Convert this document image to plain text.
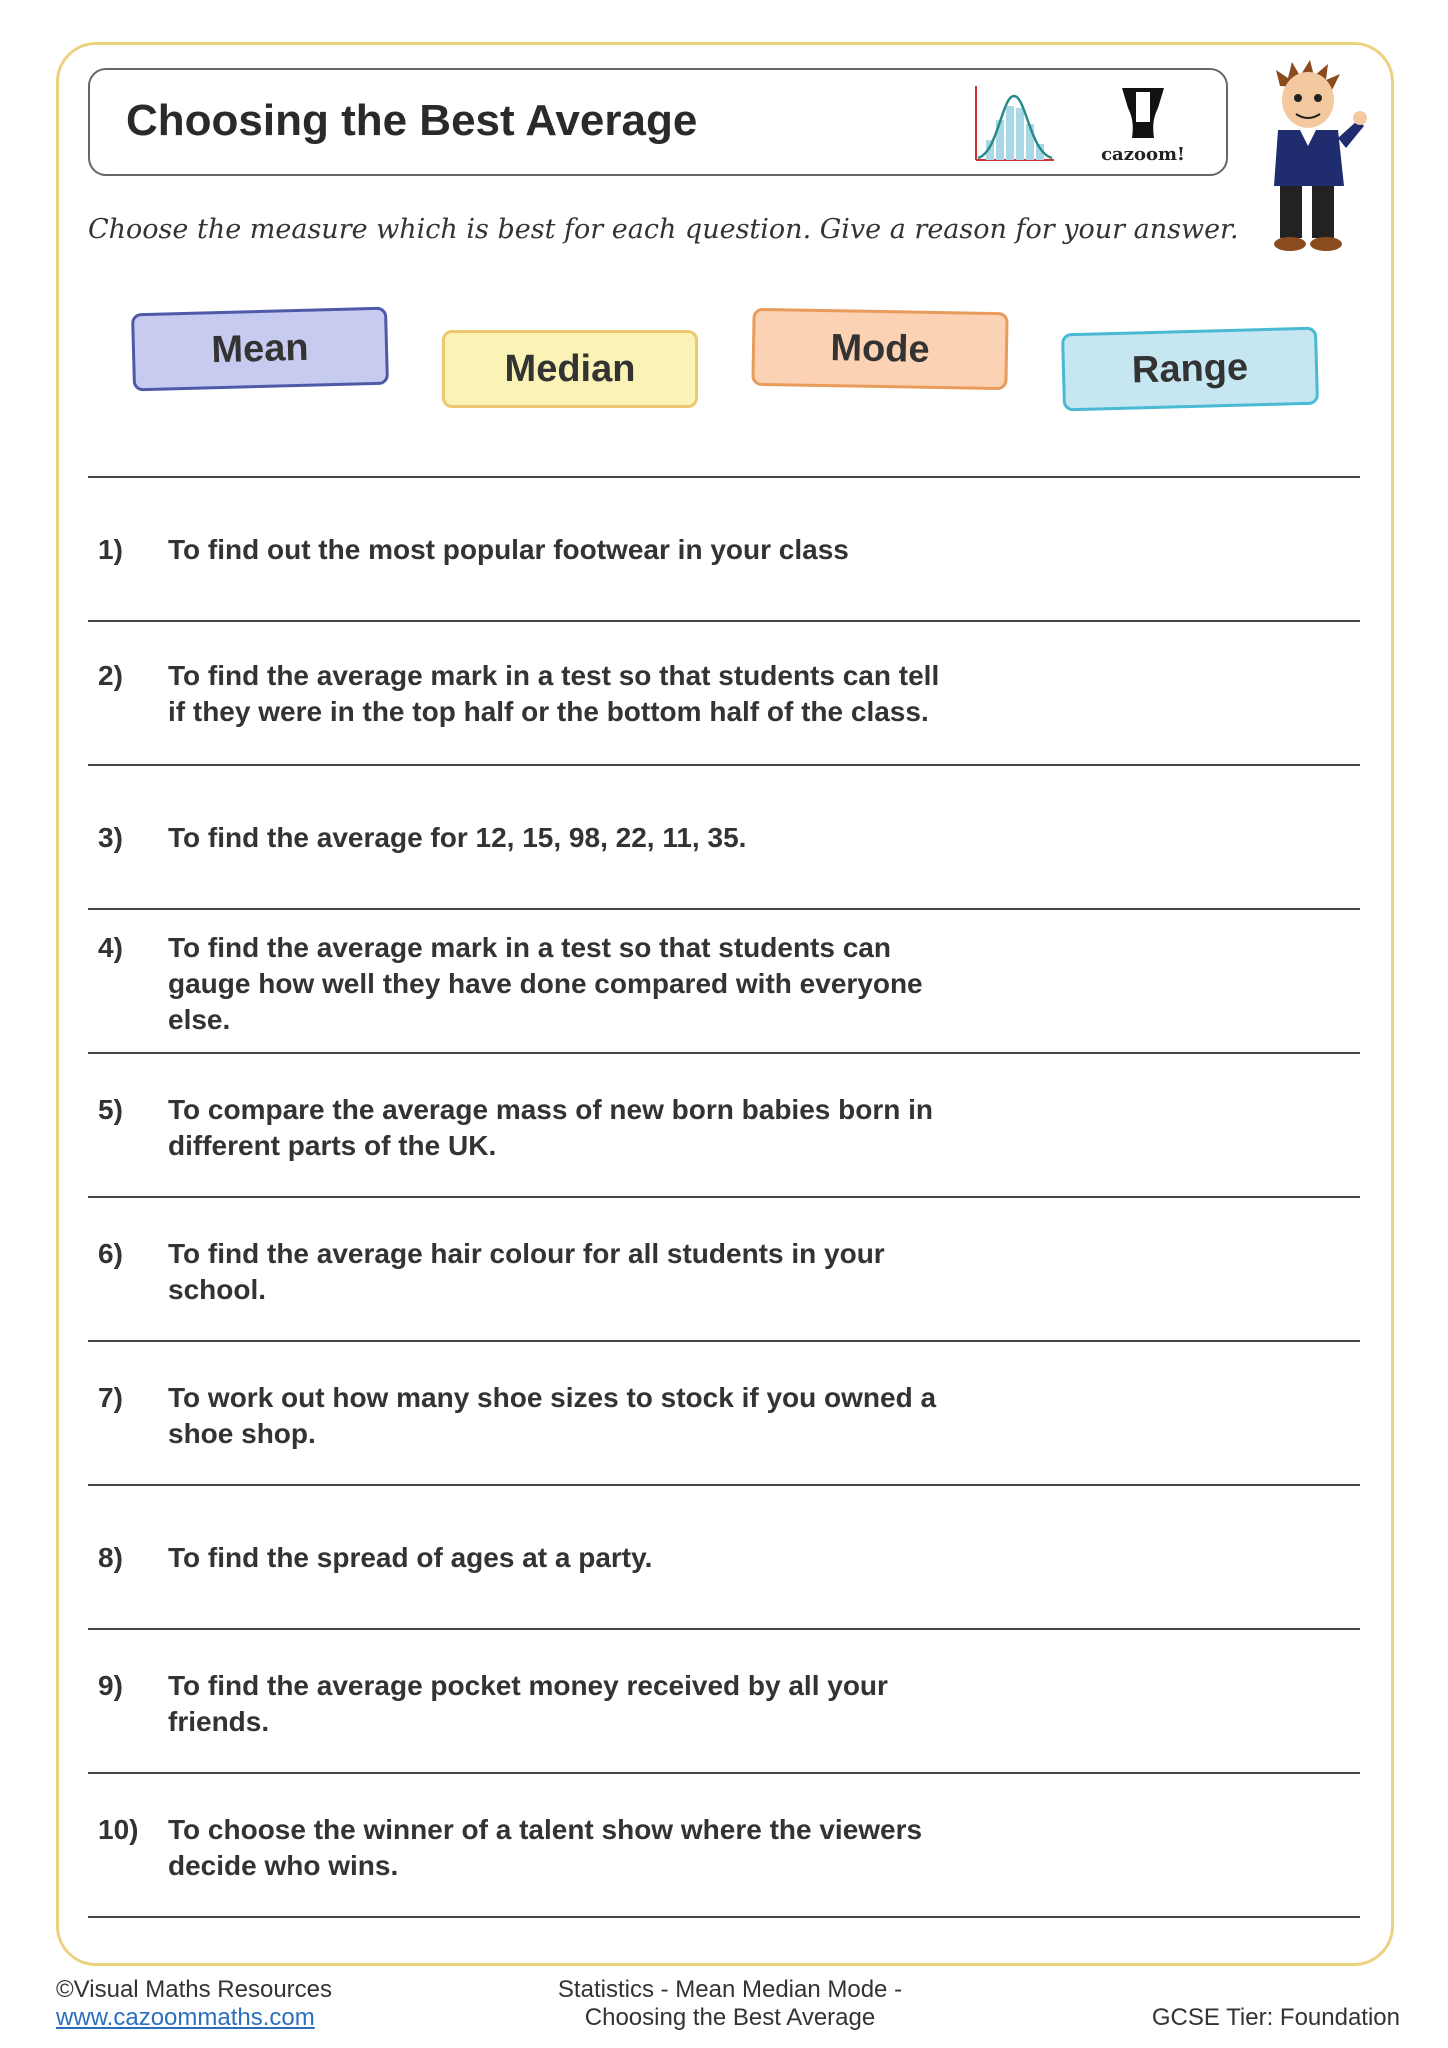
Choosing the Best Average
cazoom!
Choose the measure which is best for each question. Give a reason for your answer.
Mean	Median	Mode	Range
1)	To find out the most popular footwear in your class
2)	To find the average mark in a test so that students can tell
if they were in the top half or the bottom half of the class.
3)	To find the average for 12, 15, 98, 22, 11, 35.
4)	To find the average mark in a test so that students can
gauge how well they have done compared with everyone
else.
5)	To compare the average mass of new born babies born in
different parts of the UK.
6)	To find the average hair colour for all students in your
school.
7)	To work out how many shoe sizes to stock if you owned a
shoe shop.
8)	To find the spread of ages at a party.
9)	To find the average pocket money received by all your
friends.
10)	To choose the winner of a talent show where the viewers
decide who wins.
©Visual Maths Resources
www.cazoommaths.com
Statistics - Mean Median Mode -
Choosing the Best Average	GCSE Tier: Foundation
